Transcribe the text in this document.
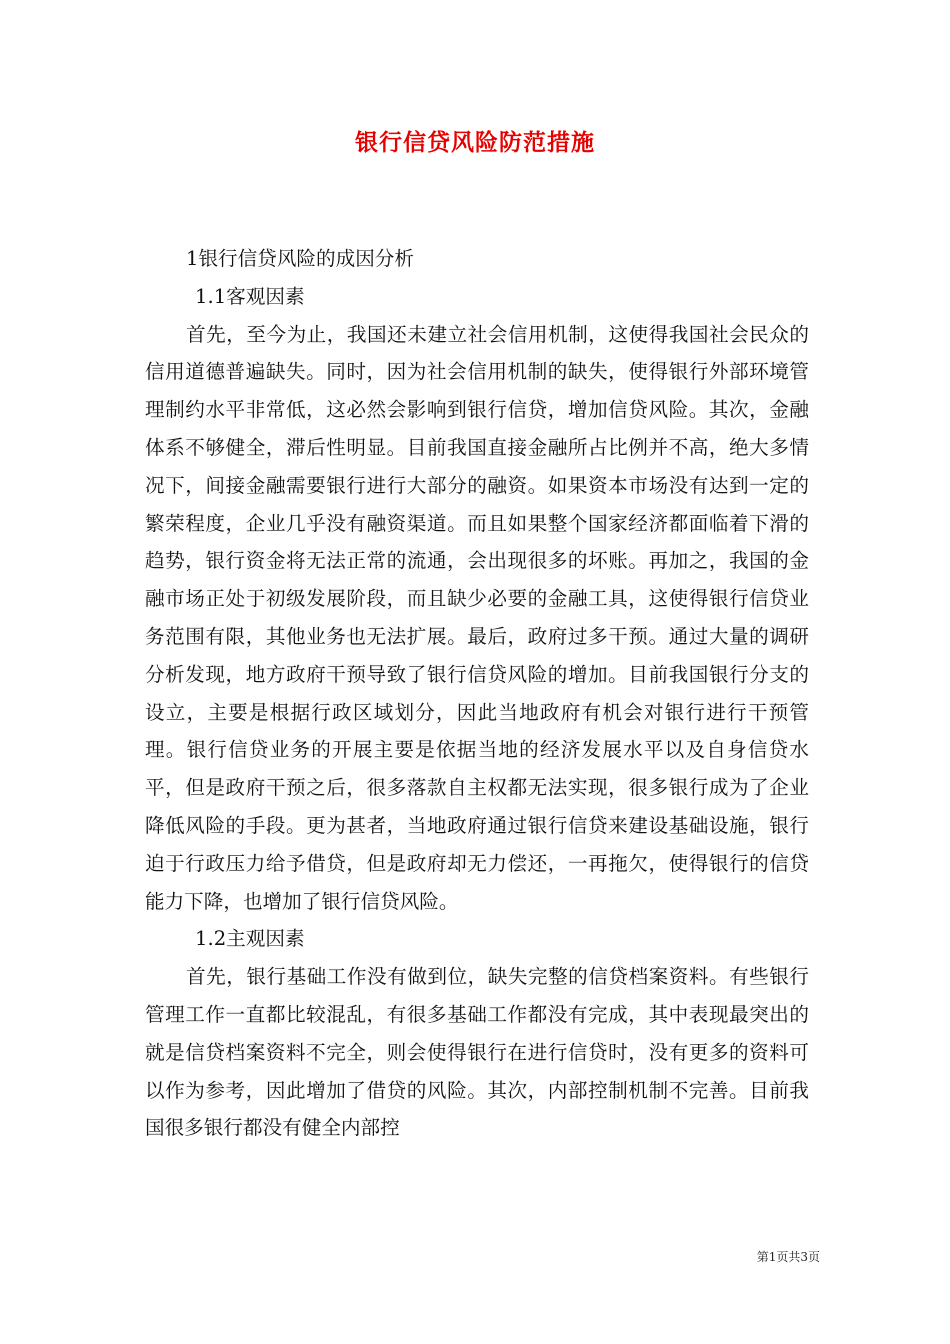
银行信贷风险防范措施

1银行信贷风险的成因分析

1.1客观因素

首先，至今为止，我国还未建立社会信用机制，这使得我国社会民众的信用道德普遍缺失。同时，因为社会信用机制的缺失，使得银行外部环境管理制约水平非常低，这必然会影响到银行信贷，增加信贷风险。其次，金融体系不够健全，滞后性明显。目前我国直接金融所占比例并不高，绝大多情况下，间接金融需要银行进行大部分的融资。如果资本市场没有达到一定的繁荣程度，企业几乎没有融资渠道。而且如果整个国家经济都面临着下滑的趋势，银行资金将无法正常的流通，会出现很多的坏账。再加之，我国的金融市场正处于初级发展阶段，而且缺少必要的金融工具，这使得银行信贷业务范围有限，其他业务也无法扩展。最后，政府过多干预。通过大量的调研分析发现，地方政府干预导致了银行信贷风险的增加。目前我国银行分支的设立，主要是根据行政区域划分，因此当地政府有机会对银行进行干预管理。银行信贷业务的开展主要是依据当地的经济发展水平以及自身信贷水平，但是政府干预之后，很多落款自主权都无法实现，很多银行成为了企业降低风险的手段。更为甚者，当地政府通过银行信贷来建设基础设施，银行迫于行政压力给予借贷，但是政府却无力偿还，一再拖欠，使得银行的信贷能力下降，也增加了银行信贷风险。

1.2主观因素

首先，银行基础工作没有做到位，缺失完整的信贷档案资料。有些银行管理工作一直都比较混乱，有很多基础工作都没有完成，其中表现最突出的就是信贷档案资料不完全，则会使得银行在进行信贷时，没有更多的资料可以作为参考，因此增加了借贷的风险。其次，内部控制机制不完善。目前我国很多银行都没有健全内部控

第1页共3页
